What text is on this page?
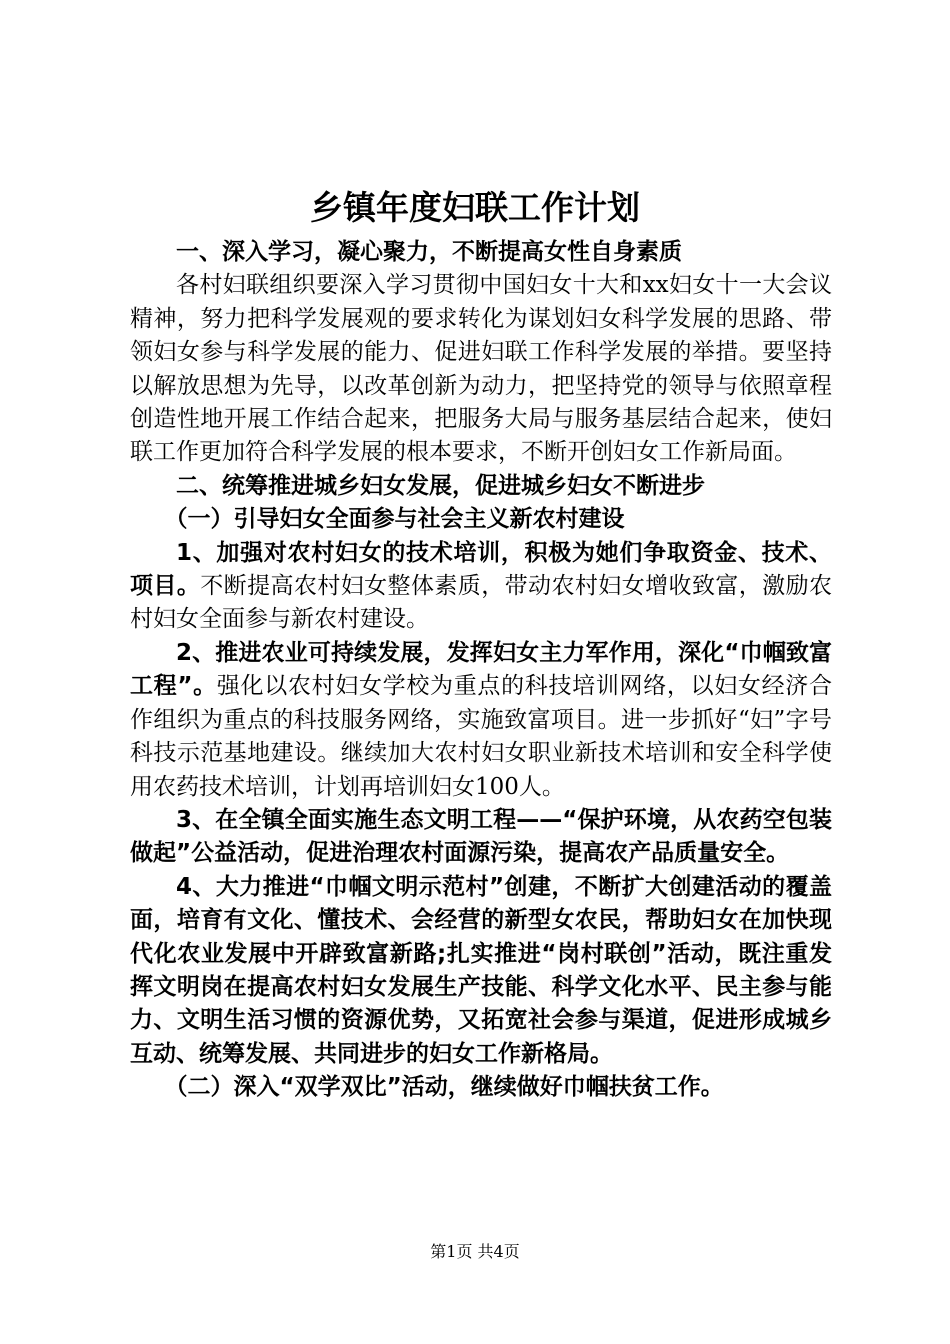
乡镇年度妇联工作计划

一、深入学习，凝心聚力，不断提高女性自身素质

各村妇联组织要深入学习贯彻中国妇女十大和xx妇女十一大会议精神，努力把科学发展观的要求转化为谋划妇女科学发展的思路、带领妇女参与科学发展的能力、促进妇联工作科学发展的举措。要坚持以解放思想为先导，以改革创新为动力，把坚持党的领导与依照章程创造性地开展工作结合起来，把服务大局与服务基层结合起来，使妇联工作更加符合科学发展的根本要求，不断开创妇女工作新局面。

二、统筹推进城乡妇女发展，促进城乡妇女不断进步

（一）引导妇女全面参与社会主义新农村建设

1、加强对农村妇女的技术培训，积极为她们争取资金、技术、项目。不断提高农村妇女整体素质，带动农村妇女增收致富，激励农村妇女全面参与新农村建设。

2、推进农业可持续发展，发挥妇女主力军作用，深化“巾帼致富工程”。强化以农村妇女学校为重点的科技培训网络，以妇女经济合作组织为重点的科技服务网络，实施致富项目。进一步抓好“妇”字号科技示范基地建设。继续加大农村妇女职业新技术培训和安全科学使用农药技术培训，计划再培训妇女100人。

3、在全镇全面实施生态文明工程——“保护环境，从农药空包装做起”公益活动，促进治理农村面源污染，提高农产品质量安全。

4、大力推进“巾帼文明示范村”创建，不断扩大创建活动的覆盖面，培育有文化、懂技术、会经营的新型女农民，帮助妇女在加快现代化农业发展中开辟致富新路;扎实推进“岗村联创”活动，既注重发挥文明岗在提高农村妇女发展生产技能、科学文化水平、民主参与能力、文明生活习惯的资源优势，又拓宽社会参与渠道，促进形成城乡互动、统筹发展、共同进步的妇女工作新格局。

（二）深入“双学双比”活动，继续做好巾帼扶贫工作。

第1页 共4页
